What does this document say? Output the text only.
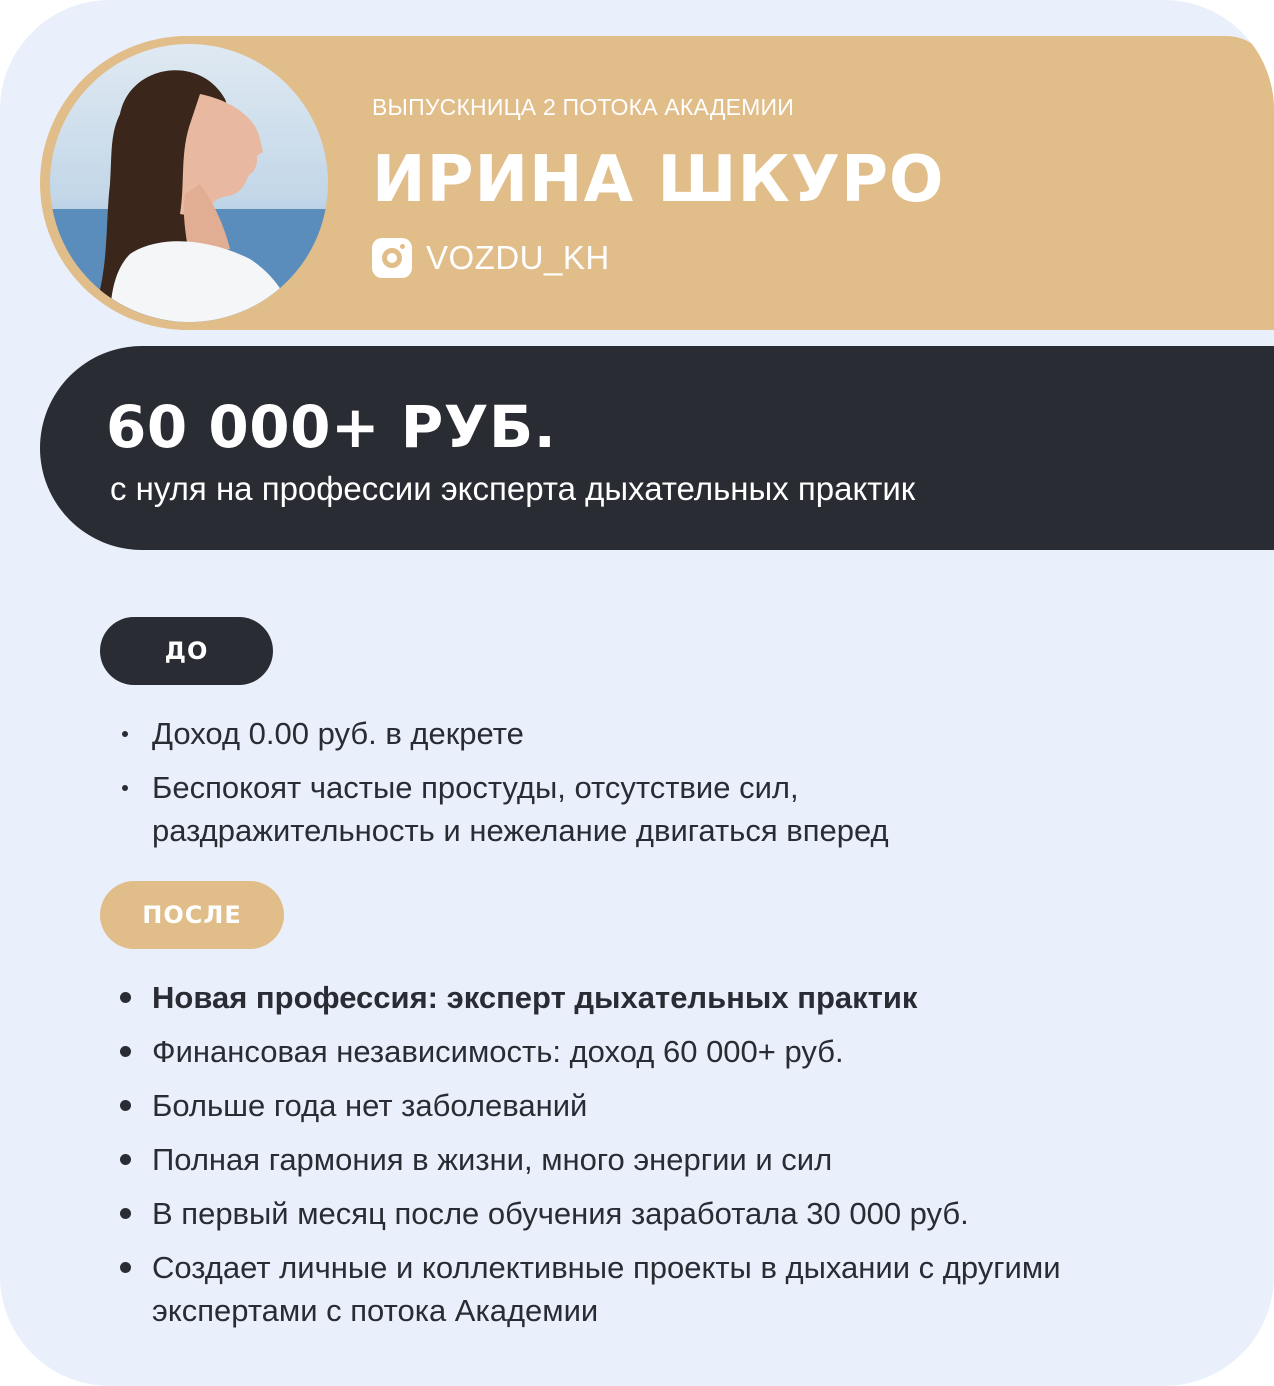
ВЫПУСКНИЦА 2 ПОТОКА АКАДЕМИИ
ИРИНА ШКУРО
VOZDU_KH
60 000+ РУБ.
с нуля на профессии эксперта дыхательных практик
ДО
Доход 0.00 руб. в декрете
Беспокоят частые простуды, отсутствие сил, раздражительность и нежелание двигаться вперед
ПОСЛЕ
Новая профессия: эксперт дыхательных практик
Финансовая независимость: доход 60 000+ руб.
Больше года нет заболеваний
Полная гармония в жизни, много энергии и сил
В первый месяц после обучения заработала 30 000 руб.
Создает личные и коллективные проекты в дыхании с другими экспертами с потока Академии
